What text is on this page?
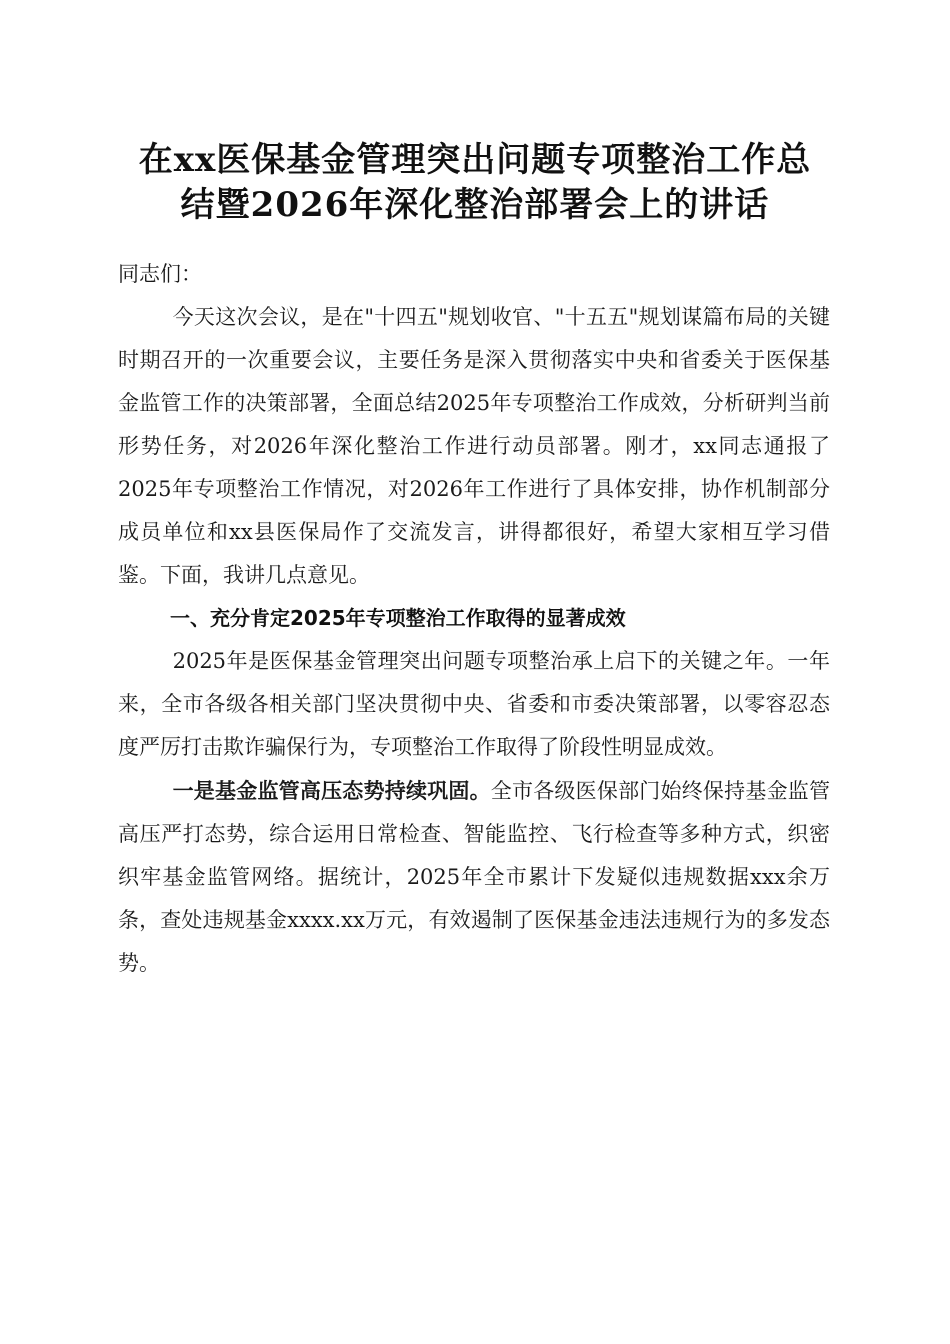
在xx医保基金管理突出问题专项整治工作总
结暨2026年深化整治部署会上的讲话

同志们：

今天这次会议，是在"十四五"规划收官、"十五五"规划谋篇布局的关键时期召开的一次重要会议，主要任务是深入贯彻落实中央和省委关于医保基金监管工作的决策部署，全面总结2025年专项整治工作成效，分析研判当前形势任务，对2026年深化整治工作进行动员部署。刚才，xx同志通报了2025年专项整治工作情况，对2026年工作进行了具体安排，协作机制部分成员单位和xx县医保局作了交流发言，讲得都很好，希望大家相互学习借鉴。下面，我讲几点意见。

一、充分肯定2025年专项整治工作取得的显著成效

2025年是医保基金管理突出问题专项整治承上启下的关键之年。一年来，全市各级各相关部门坚决贯彻中央、省委和市委决策部署，以零容忍态度严厉打击欺诈骗保行为，专项整治工作取得了阶段性明显成效。

一是基金监管高压态势持续巩固。全市各级医保部门始终保持基金监管高压严打态势，综合运用日常检查、智能监控、飞行检查等多种方式，织密织牢基金监管网络。据统计，2025年全市累计下发疑似违规数据xxx余万条，查处违规基金xxxx.xx万元，有效遏制了医保基金违法违规行为的多发态势。
